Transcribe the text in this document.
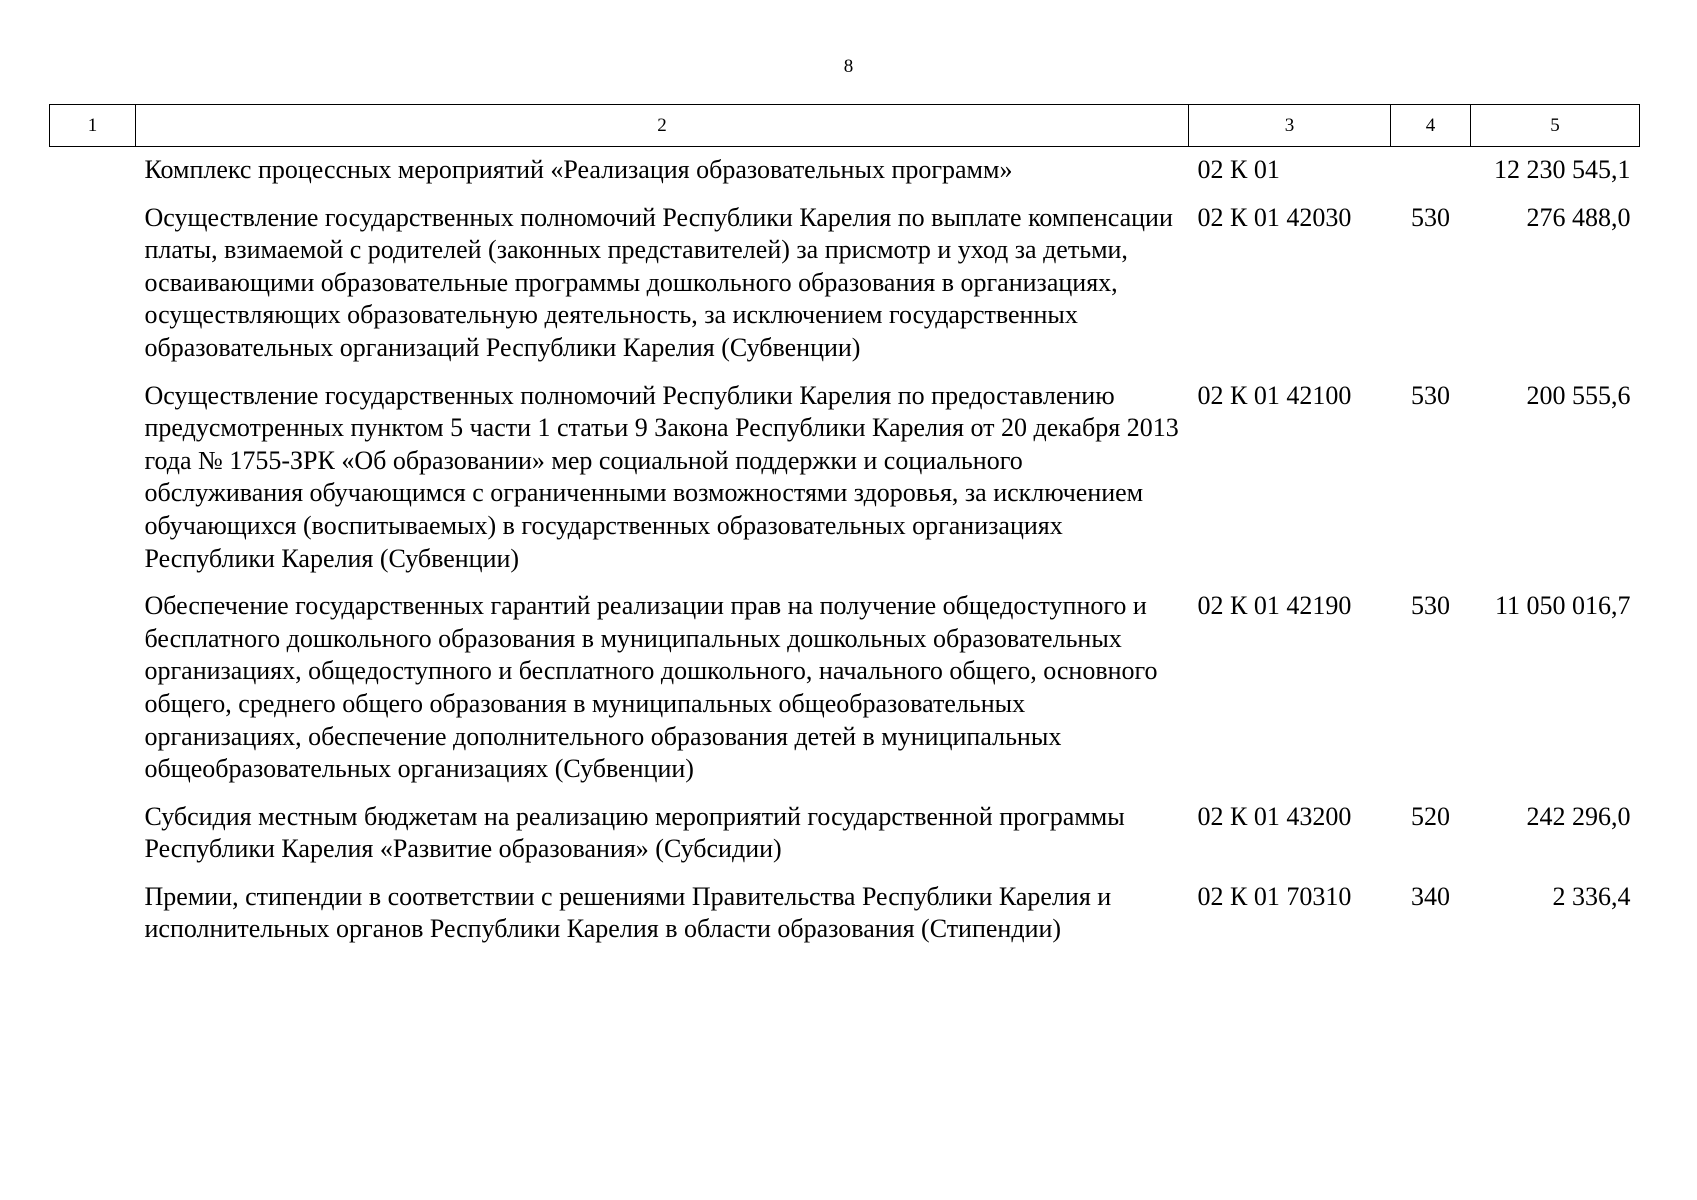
8
1	2	3	4	5
	Комплекс процессных мероприятий «Реализация образовательных программ»	02 К 01		12 230 545,1
	Осуществление государственных полномочий Республики Карелия по выплате компенсации платы, взимаемой с родителей (законных представителей) за присмотр и уход за детьми, осваивающими образовательные программы дошкольного образования в организациях, осуществляющих образовательную деятельность, за исключением государственных образовательных организаций Республики Карелия (Субвенции)	02 К 01 42030	530	276 488,0
	Осуществление государственных полномочий Республики Карелия по предоставлению предусмотренных пунктом 5 части 1 статьи 9 Закона Республики Карелия от 20 декабря 2013 года № 1755-ЗРК «Об образовании» мер социальной поддержки и социального обслуживания обучающимся с ограниченными возможностями здоровья, за исключением обучающихся (воспитываемых) в государственных образовательных организациях Республики Карелия (Субвенции)	02 К 01 42100	530	200 555,6
	Обеспечение государственных гарантий реализации прав на получение общедоступного и бесплатного дошкольного образования в муниципальных дошкольных образовательных организациях, общедоступного и бесплатного дошкольного, начального общего, основного общего, среднего общего образования в муниципальных общеобразовательных организациях, обеспечение дополнительного образования детей в муниципальных общеобразовательных организациях (Субвенции)	02 К 01 42190	530	11 050 016,7
	Субсидия местным бюджетам на реализацию мероприятий государственной программы Республики Карелия «Развитие образования» (Субсидии)	02 К 01 43200	520	242 296,0
	Премии, стипендии в соответствии с решениями Правительства Республики Карелия и исполнительных органов Республики Карелия в области образования (Стипендии)	02 К 01 70310	340	2 336,4
